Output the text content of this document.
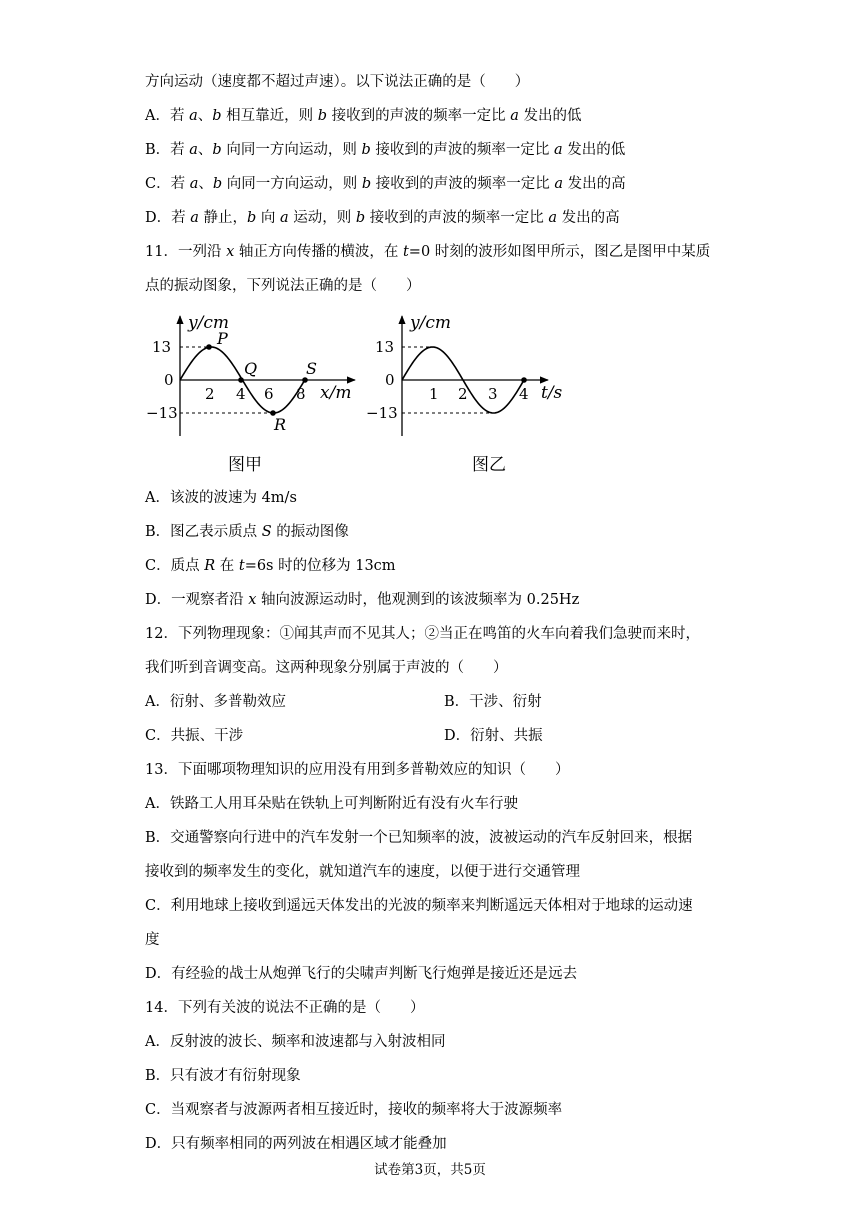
方向运动（速度都不超过声速）。以下说法正确的是（　　）
A．若 a、b 相互靠近，则 b 接收到的声波的频率一定比 a 发出的低
B．若 a、b 向同一方向运动，则 b 接收到的声波的频率一定比 a 发出的低
C．若 a、b 向同一方向运动，则 b 接收到的声波的频率一定比 a 发出的高
D．若 a 静止，b 向 a 运动，则 b 接收到的声波的频率一定比 a 发出的高
11．一列沿 x 轴正方向传播的横波，在 t=0 时刻的波形如图甲所示，图乙是图甲中某质
点的振动图象，下列说法正确的是（　　）
y/cm
13
0
−13
2 4 6 8 x/m
P
Q
R
S
y/cm
13
0
−13
1 2 3 4 t/s
图甲	图乙
A．该波的波速为 4m/s
B．图乙表示质点 S 的振动图像
C．质点 R 在 t=6s 时的位移为 13cm
D．一观察者沿 x 轴向波源运动时，他观测到的该波频率为 0.25Hz
12．下列物理现象：①闻其声而不见其人；②当正在鸣笛的火车向着我们急驶而来时，
我们听到音调变高。这两种现象分别属于声波的（　　）
A．衍射、多普勒效应	B．干涉、衍射
C．共振、干涉	D．衍射、共振
13．下面哪项物理知识的应用没有用到多普勒效应的知识（　　）
A．铁路工人用耳朵贴在铁轨上可判断附近有没有火车行驶
B．交通警察向行进中的汽车发射一个已知频率的波，波被运动的汽车反射回来，根据
接收到的频率发生的变化，就知道汽车的速度，以便于进行交通管理
C．利用地球上接收到遥远天体发出的光波的频率来判断遥远天体相对于地球的运动速
度
D．有经验的战士从炮弹飞行的尖啸声判断飞行炮弹是接近还是远去
14．下列有关波的说法不正确的是（　　）
A．反射波的波长、频率和波速都与入射波相同
B．只有波才有衍射现象
C．当观察者与波源两者相互接近时，接收的频率将大于波源频率
D．只有频率相同的两列波在相遇区域才能叠加
试卷第3页，共5页
